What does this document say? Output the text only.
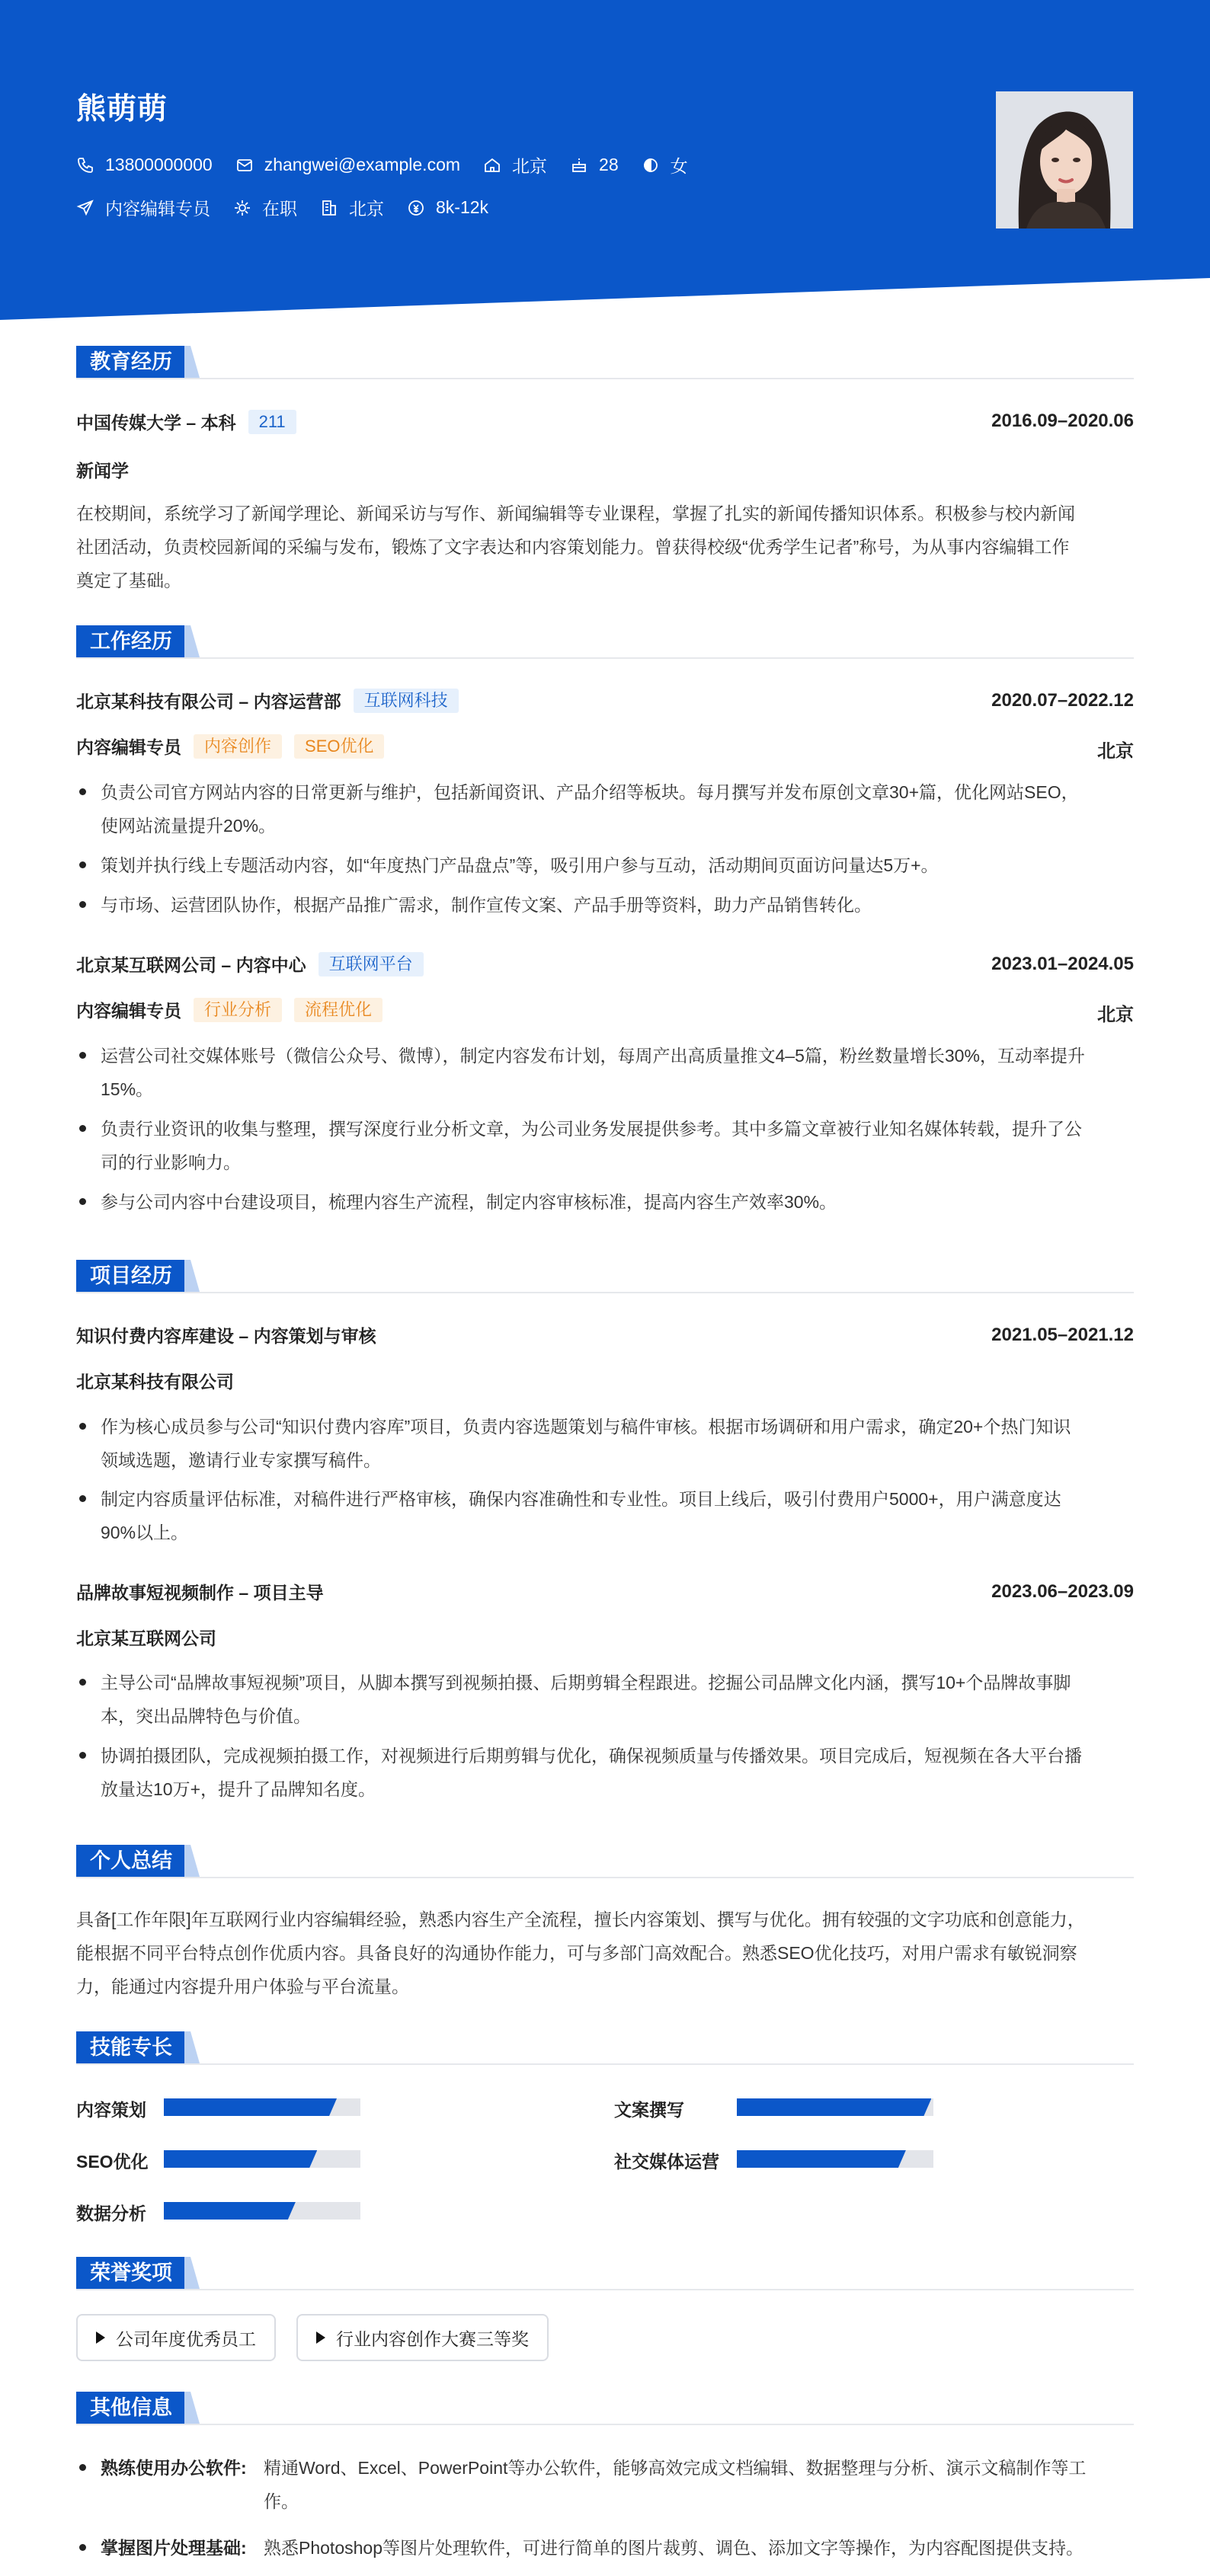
熊萌萌
13800000000	zhangwei@example.com	北京	28	女
内容编辑专员	在职	北京	8k-12k
教育经历
中国传媒大学 – 本科	211	2016.09–2020.06
新闻学
在校期间，系统学习了新闻学理论、新闻采访与写作、新闻编辑等专业课程，掌握了扎实的新闻传播知识体系。积极参与校内新闻
社团活动，负责校园新闻的采编与发布，锻炼了文字表达和内容策划能力。曾获得校级“优秀学生记者”称号，为从事内容编辑工作
奠定了基础。
工作经历
北京某科技有限公司 – 内容运营部	互联网科技	2020.07–2022.12
内容编辑专员	内容创作	SEO优化	北京
负责公司官方网站内容的日常更新与维护，包括新闻资讯、产品介绍等板块。每月撰写并发布原创文章30+篇，优化网站SEO，
使网站流量提升20%。
策划并执行线上专题活动内容，如“年度热门产品盘点”等，吸引用户参与互动，活动期间页面访问量达5万+。
与市场、运营团队协作，根据产品推广需求，制作宣传文案、产品手册等资料，助力产品销售转化。
北京某互联网公司 – 内容中心	互联网平台	2023.01–2024.05
内容编辑专员	行业分析	流程优化	北京
运营公司社交媒体账号（微信公众号、微博），制定内容发布计划，每周产出高质量推文4–5篇，粉丝数量增长30%，互动率提升
15%。
负责行业资讯的收集与整理，撰写深度行业分析文章，为公司业务发展提供参考。其中多篇文章被行业知名媒体转载，提升了公
司的行业影响力。
参与公司内容中台建设项目，梳理内容生产流程，制定内容审核标准，提高内容生产效率30%。
项目经历
知识付费内容库建设 – 内容策划与审核	2021.05–2021.12
北京某科技有限公司
作为核心成员参与公司“知识付费内容库”项目，负责内容选题策划与稿件审核。根据市场调研和用户需求，确定20+个热门知识
领域选题，邀请行业专家撰写稿件。
制定内容质量评估标准，对稿件进行严格审核，确保内容准确性和专业性。项目上线后，吸引付费用户5000+，用户满意度达
90%以上。
品牌故事短视频制作 – 项目主导	2023.06–2023.09
北京某互联网公司
主导公司“品牌故事短视频”项目，从脚本撰写到视频拍摄、后期剪辑全程跟进。挖掘公司品牌文化内涵，撰写10+个品牌故事脚
本，突出品牌特色与价值。
协调拍摄团队，完成视频拍摄工作，对视频进行后期剪辑与优化，确保视频质量与传播效果。项目完成后，短视频在各大平台播
放量达10万+，提升了品牌知名度。
个人总结
具备[工作年限]年互联网行业内容编辑经验，熟悉内容生产全流程，擅长内容策划、撰写与优化。拥有较强的文字功底和创意能力，
能根据不同平台特点创作优质内容。具备良好的沟通协作能力，可与多部门高效配合。熟悉SEO优化技巧，对用户需求有敏锐洞察
力，能通过内容提升用户体验与平台流量。
技能专长
内容策划	文案撰写
SEO优化	社交媒体运营
数据分析
荣誉奖项
公司年度优秀员工	行业内容创作大赛三等奖
其他信息
熟练使用办公软件: 精通Word、Excel、PowerPoint等办公软件，能够高效完成文档编辑、数据整理与分析、演示文稿制作等工
作。
掌握图片处理基础: 熟悉Photoshop等图片处理软件，可进行简单的图片裁剪、调色、添加文字等操作，为内容配图提供支持。
